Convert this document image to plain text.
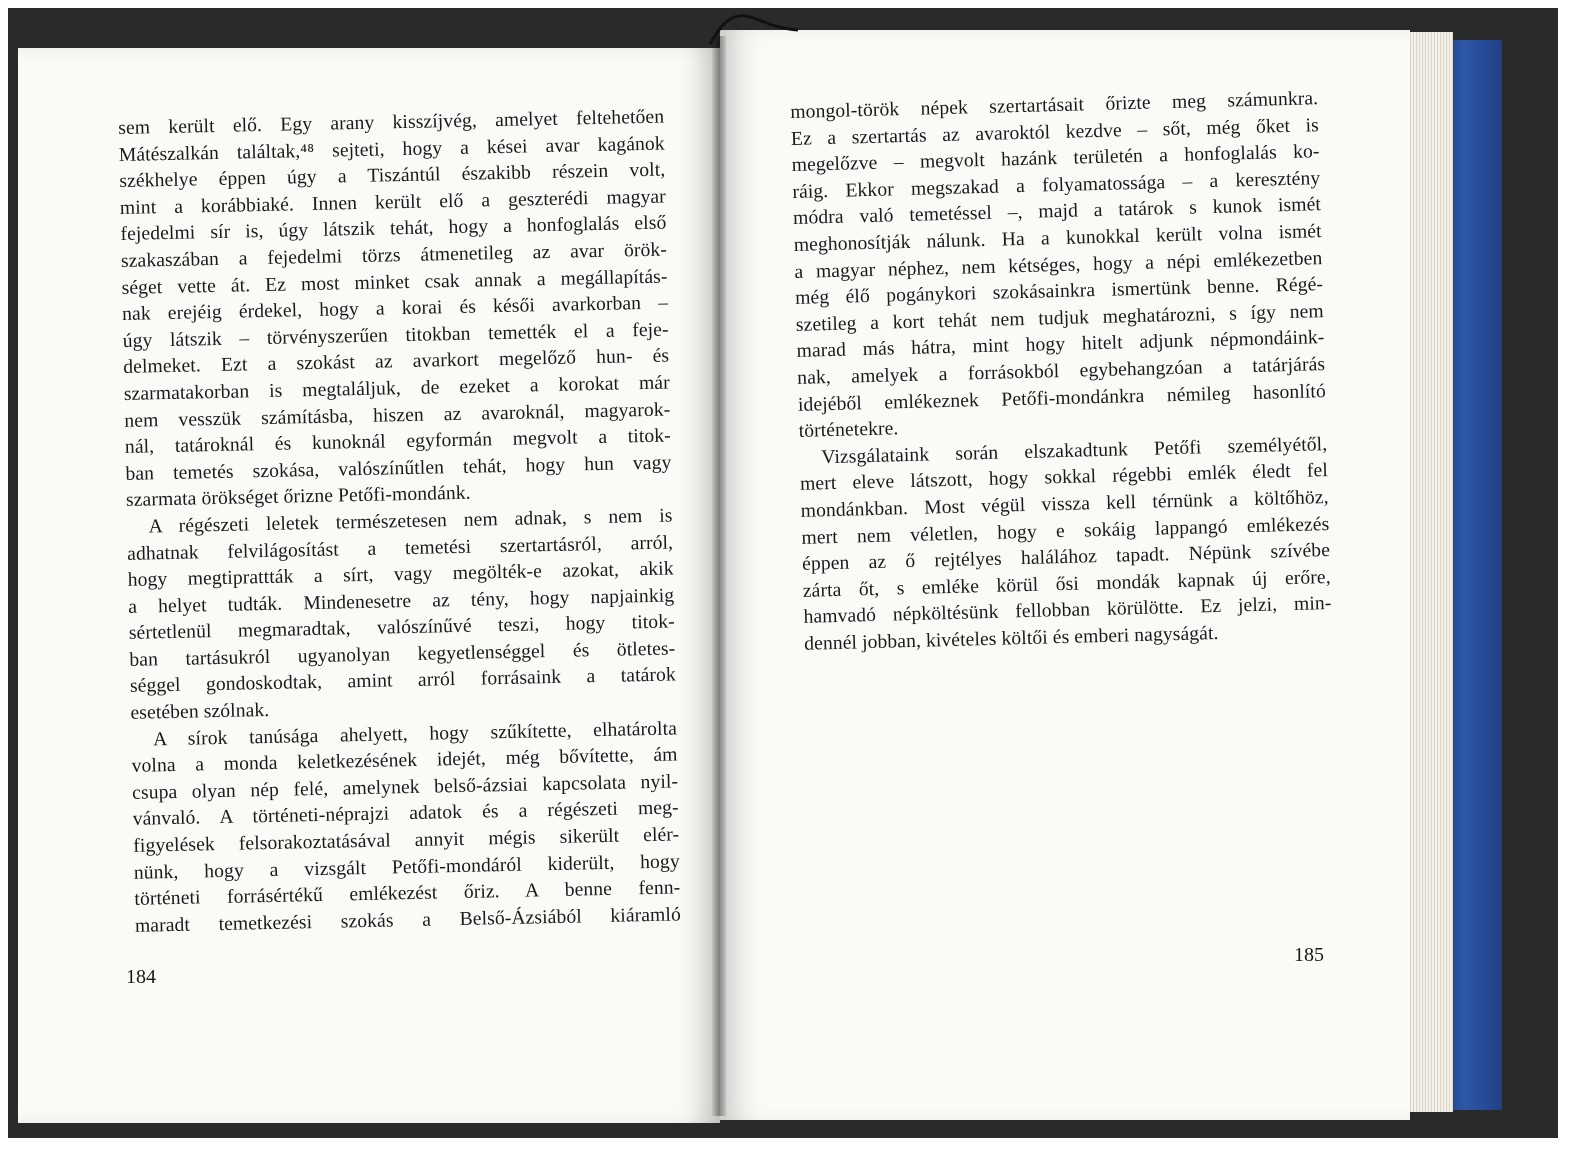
sem került elő. Egy arany kisszíjvég, amelyet feltehetően
Mátészalkán találtak,⁴⁸ sejteti, hogy a kései avar kagánok
székhelye éppen úgy a Tiszántúl északibb részein volt,
mint a korábbiaké. Innen került elő a geszterédi magyar
fejedelmi sír is, úgy látszik tehát, hogy a honfoglalás első
szakaszában a fejedelmi törzs átmenetileg az avar örök-
séget vette át. Ez most minket csak annak a megállapítás-
nak erejéig érdekel, hogy a korai és késői avarkorban –
úgy látszik – törvényszerűen titokban temették el a feje-
delmeket. Ezt a szokást az avarkort megelőző hun- és
szarmatakorban is megtaláljuk, de ezeket a korokat már
nem vesszük számításba, hiszen az avaroknál, magyarok-
nál, tatároknál és kunoknál egyformán megvolt a titok-
ban temetés szokása, valószínűtlen tehát, hogy hun vagy
szarmata örökséget őrizne Petőfi-mondánk.
A régészeti leletek természetesen nem adnak, s nem is
adhatnak felvilágosítást a temetési szertartásról, arról,
hogy megtiprattták a sírt, vagy megölték-e azokat, akik
a helyet tudták. Mindenesetre az tény, hogy napjainkig
sértetlenül megmaradtak, valószínűvé teszi, hogy titok-
ban tartásukról ugyanolyan kegyetlenséggel és ötletes-
séggel gondoskodtak, amint arról forrásaink a tatárok
esetében szólnak.
A sírok tanúsága ahelyett, hogy szűkítette, elhatárolta
volna a monda keletkezésének idejét, még bővítette, ám
csupa olyan nép felé, amelynek belső-ázsiai kapcsolata nyil-
vánvaló. A történeti-néprajzi adatok és a régészeti meg-
figyelések felsorakoztatásával annyit mégis sikerült elér-
nünk, hogy a vizsgált Petőfi-mondáról kiderült, hogy
történeti forrásértékű emlékezést őriz. A benne fenn-
maradt temetkezési szokás a Belső-Ázsiából kiáramló
184
mongol-török népek szertartásait őrizte meg számunkra.
Ez a szertartás az avaroktól kezdve – sőt, még őket is
megelőzve – megvolt hazánk területén a honfoglalás ko-
ráig. Ekkor megszakad a folyamatossága – a keresztény
módra való temetéssel –, majd a tatárok s kunok ismét
meghonosítják nálunk. Ha a kunokkal került volna ismét
a magyar néphez, nem kétséges, hogy a népi emlékezetben
még élő pogánykori szokásainkra ismertünk benne. Régé-
szetileg a kort tehát nem tudjuk meghatározni, s így nem
marad más hátra, mint hogy hitelt adjunk népmondáink-
nak, amelyek a forrásokból egybehangzóan a tatárjárás
idejéből emlékeznek Petőfi-mondánkra némileg hasonlító
történetekre.
Vizsgálataink során elszakadtunk Petőfi személyétől,
mert eleve látszott, hogy sokkal régebbi emlék éledt fel
mondánkban. Most végül vissza kell térnünk a költőhöz,
mert nem véletlen, hogy e sokáig lappangó emlékezés
éppen az ő rejtélyes halálához tapadt. Népünk szívébe
zárta őt, s emléke körül ősi mondák kapnak új erőre,
hamvadó népköltésünk fellobban körülötte. Ez jelzi, min-
dennél jobban, kivételes költői és emberi nagyságát.
185
